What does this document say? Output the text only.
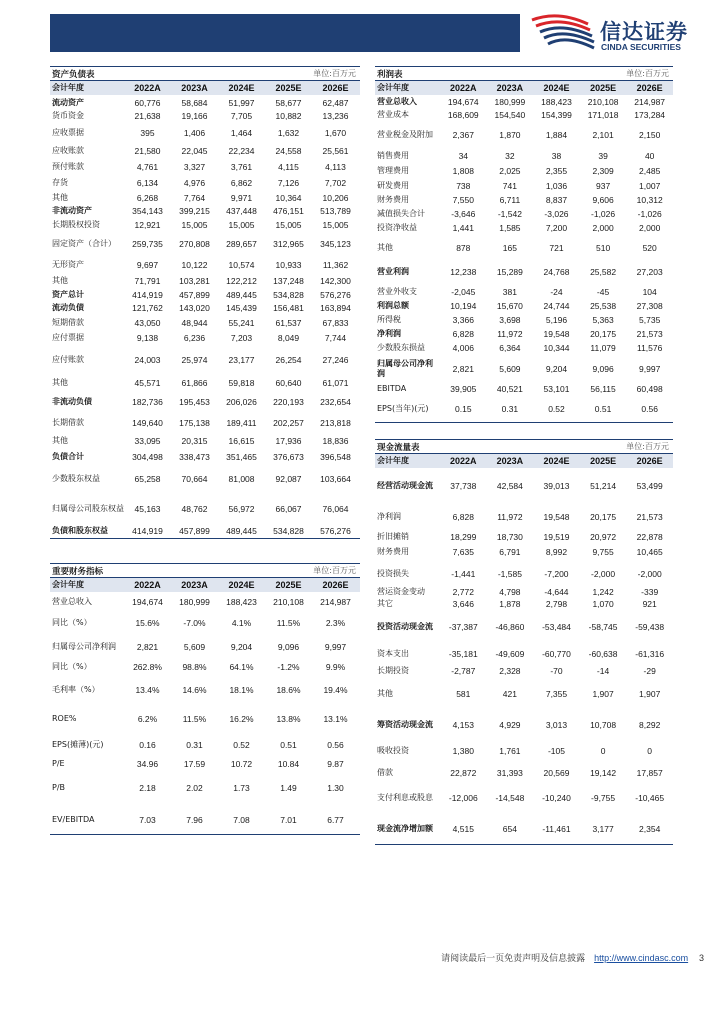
信达证券
CINDA SECURITIES
资产负债表	单位:百万元
会计年度	2022A	2023A	2024E	2025E	2026E
流动资产	60,776	58,684	51,997	58,677	62,487
货币资金	21,638	19,166	7,705	10,882	13,236
应收票据	395	1,406	1,464	1,632	1,670
应收账款	21,580	22,045	22,234	24,558	25,561
预付账款	4,761	3,327	3,761	4,115	4,113
存货	6,134	4,976	6,862	7,126	7,702
其他	6,268	7,764	9,971	10,364	10,206
非流动资产	354,143	399,215	437,448	476,151	513,789
长期股权投资	12,921	15,005	15,005	15,005	15,005
固定资产（合计）	259,735	270,808	289,657	312,965	345,123
无形资产	9,697	10,122	10,574	10,933	11,362
其他	71,791	103,281	122,212	137,248	142,300
资产总计	414,919	457,899	489,445	534,828	576,276
流动负债	121,762	143,020	145,439	156,481	163,894
短期借款	43,050	48,944	55,241	61,537	67,833
应付票据	9,138	6,236	7,203	8,049	7,744
应付账款	24,003	25,974	23,177	26,254	27,246
其他	45,571	61,866	59,818	60,640	61,071
非流动负债	182,736	195,453	206,026	220,193	232,654
长期借款	149,640	175,138	189,411	202,257	213,818
其他	33,095	20,315	16,615	17,936	18,836
负债合计	304,498	338,473	351,465	376,673	396,548
少数股东权益	65,258	70,664	81,008	92,087	103,664
归属母公司股东权益	45,163	48,762	56,972	66,067	76,064
负债和股东权益	414,919	457,899	489,445	534,828	576,276
利润表	单位:百万元
会计年度	2022A	2023A	2024E	2025E	2026E
营业总收入	194,674	180,999	188,423	210,108	214,987
营业成本	168,609	154,540	154,399	171,018	173,284
营业税金及附加	2,367	1,870	1,884	2,101	2,150
销售费用	34	32	38	39	40
管理费用	1,808	2,025	2,355	2,309	2,485
研发费用	738	741	1,036	937	1,007
财务费用	7,550	6,711	8,837	9,606	10,312
减值损失合计	-3,646	-1,542	-3,026	-1,026	-1,026
投资净收益	1,441	1,585	7,200	2,000	2,000
其他	878	165	721	510	520
营业利润	12,238	15,289	24,768	25,582	27,203
营业外收支	-2,045	381	-24	-45	104
利润总额	10,194	15,670	24,744	25,538	27,308
所得税	3,366	3,698	5,196	5,363	5,735
净利润	6,828	11,972	19,548	20,175	21,573
少数股东损益	4,006	6,364	10,344	11,079	11,576
归属母公司净利润	2,821	5,609	9,204	9,096	9,997
EBITDA	39,905	40,521	53,101	56,115	60,498
EPS(当年)(元)	0.15	0.31	0.52	0.51	0.56
重要财务指标	单位:百万元
会计年度	2022A	2023A	2024E	2025E	2026E
营业总收入	194,674	180,999	188,423	210,108	214,987
同比（%）	15.6%	-7.0%	4.1%	11.5%	2.3%
归属母公司净利润	2,821	5,609	9,204	9,096	9,997
同比（%）	262.8%	98.8%	64.1%	-1.2%	9.9%
毛利率（%）	13.4%	14.6%	18.1%	18.6%	19.4%
ROE%	6.2%	11.5%	16.2%	13.8%	13.1%
EPS(摊薄)(元)	0.16	0.31	0.52	0.51	0.56
P/E	34.96	17.59	10.72	10.84	9.87
P/B	2.18	2.02	1.73	1.49	1.30
EV/EBITDA	7.03	7.96	7.08	7.01	6.77
现金流量表	单位:百万元
会计年度	2022A	2023A	2024E	2025E	2026E
经营活动现金流	37,738	42,584	39,013	51,214	53,499
净利润	6,828	11,972	19,548	20,175	21,573
折旧摊销	18,299	18,730	19,519	20,972	22,878
财务费用	7,635	6,791	8,992	9,755	10,465
投资损失	-1,441	-1,585	-7,200	-2,000	-2,000
营运资金变动	2,772	4,798	-4,644	1,242	-339
其它	3,646	1,878	2,798	1,070	921
投资活动现金流	-37,387	-46,860	-53,484	-58,745	-59,438
资本支出	-35,181	-49,609	-60,770	-60,638	-61,316
长期投资	-2,787	2,328	-70	-14	-29
其他	581	421	7,355	1,907	1,907
筹资活动现金流	4,153	4,929	3,013	10,708	8,292
吸收投资	1,380	1,761	-105	0	0
借款	22,872	31,393	20,569	19,142	17,857
支付利息或股息	-12,006	-14,548	-10,240	-9,755	-10,465
现金流净增加额	4,515	654	-11,461	3,177	2,354
请阅读最后一页免责声明及信息披露 http://www.cindasc.com 3
